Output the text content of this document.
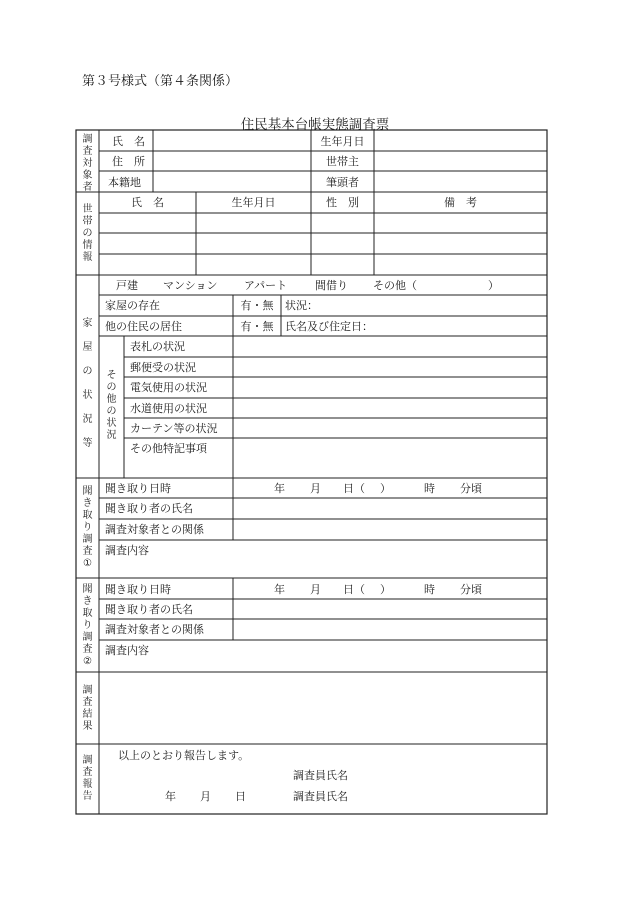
第３号様式（第４条関係）
住民基本台帳実態調査票
調
査
対
象
者
氏　名	生年月日
住　所	世帯主
本籍地	筆頭者
世
帯
の
情
報
氏　名	生年月日	性　別	備　考
家

屋

の

状

況

等
戸建 マンション アパート	間借り その他（	）
家屋の存在	有・無	状況：
他の住民の居住	有・無	氏名及び住定日：
そ
の
他
の
状
況
表札の状況
郵便受の状況
電気使用の状況
水道使用の状況
カーテン等の状況
その他特記事項
聞
き
取
り
調
査
①
聞き取り日時	年 月 日（ ）	時 分頃
聞き取り者の氏名
調査対象者との関係
調査内容
聞
き
取
り
調
査
②
聞き取り日時	年 月 日（ ）	時 分頃
聞き取り者の氏名
調査対象者との関係
調査内容
調
査
結
果
調
査
報
告
以上のとおり報告します。
調査員氏名
年 月 日	調査員氏名
